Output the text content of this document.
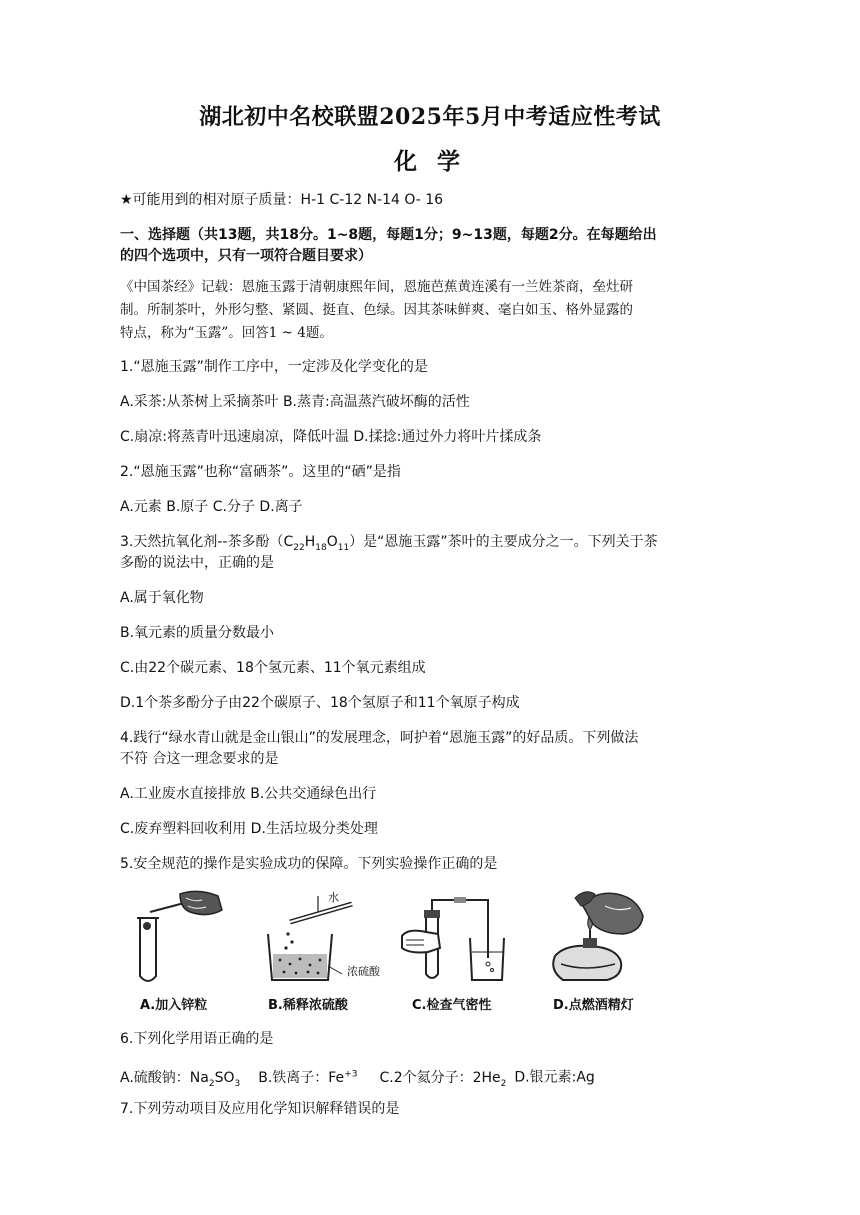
湖北初中名校联盟2025年5月中考适应性考试
化 学
★可能用到的相对原子质量：H-1 C-12 N-14 O- 16
一、选择题（共13题，共18分。1~8题，每题1分；9~13题，每题2分。在每题给出
的四个选项中，只有一项符合题目要求）
《中国茶经》记载：恩施玉露于清朝康熙年间，恩施芭蕉黄连溪有一兰姓茶商，垒灶研
制。所制茶叶，外形匀整、紧圆、挺直、色绿。因其茶味鲜爽、毫白如玉、格外显露的
特点，称为“玉露”。回答1 ~ 4题。
1.“恩施玉露”制作工序中，一定涉及化学变化的是
A.采茶:从茶树上采摘茶叶 B.蒸青:高温蒸汽破坏酶的活性
C.扇凉:将蒸青叶迅速扇凉，降低叶温 D.揉捻:通过外力将叶片揉成条
2.“恩施玉露”也称“富硒茶”。这里的“硒”是指
A.元素 B.原子 C.分子 D.离子
3.天然抗氧化剂--茶多酚$(C_{22}H_{18}O_{11})$是“恩施玉露”茶叶的主要成分之一。下列关于茶
多酚的说法中，正确的是
A.属于氧化物
B.氧元素的质量分数最小
C.由22个碳元素、18个氢元素、11个氧元素组成
D.1个茶多酚分子由22个碳原子、18个氢原子和11个氧原子构成
4.践行“绿水青山就是金山银山”的发展理念，呵护着“恩施玉露”的好品质。下列做法
不符 合这一理念要求的是
A.工业废水直接排放 B.公共交通绿色出行
C.废弃塑料回收利用 D.生活垃圾分类处理
5.安全规范的操作是实验成功的保障。下列实验操作正确的是
A.加入锌粒
水
浓硫酸
B.稀释浓硫酸	C.检查气密性	D.点燃酒精灯
6.下列化学用语正确的是
A.硫酸钠：$Na_2SO_3$ B.铁离子：$Fe^{+3}$ C.2个氦分子：$2He_2$ D.银元素:Ag
7.下列劳动项目及应用化学知识解释错误的是
